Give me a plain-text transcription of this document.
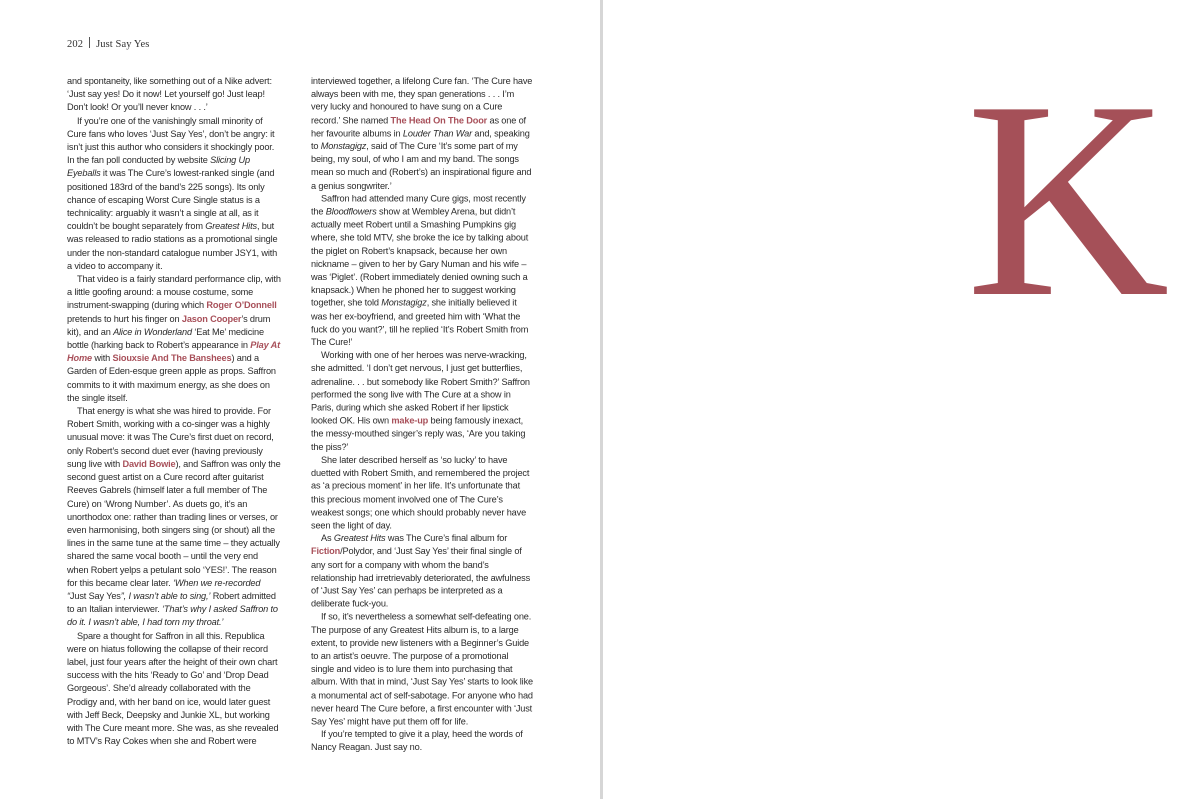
202 Just Say Yes

and spontaneity, like something out of a Nike advert: ‘Just say yes! Do it now! Let yourself go! Just leap! Don’t look! Or you’ll never know . . .’

If you’re one of the vanishingly small minority of Cure fans who loves ‘Just Say Yes’, don’t be angry: it isn’t just this author who considers it shockingly poor. In the fan poll conducted by website Slicing Up Eyeballs it was The Cure’s lowest-ranked single (and positioned 183rd of the band’s 225 songs). Its only chance of escaping Worst Cure Single status is a technicality: arguably it wasn’t a single at all, as it couldn’t be bought separately from Greatest Hits, but was released to radio stations as a promotional single under the non-standard catalogue number JSY1, with a video to accompany it.

That video is a fairly standard performance clip, with a little goofing around: a mouse costume, some instrument-swapping (during which Roger O’Donnell pretends to hurt his finger on Jason Cooper’s drum kit), and an Alice in Wonderland ‘Eat Me’ medicine bottle (harking back to Robert’s appearance in Play At Home with Siouxsie And The Banshees) and a Garden of Eden-esque green apple as props. Saffron commits to it with maximum energy, as she does on the single itself.

That energy is what she was hired to provide. For Robert Smith, working with a co-singer was a highly unusual move: it was The Cure’s first duet on record, only Robert’s second duet ever (having previously sung live with David Bowie), and Saffron was only the second guest artist on a Cure record after guitarist Reeves Gabrels (himself later a full member of The Cure) on ‘Wrong Number’. As duets go, it’s an unorthodox one: rather than trading lines or verses, or even harmonising, both singers sing (or shout) all the lines in the same tune at the same time – they actually shared the same vocal booth – until the very end when Robert yelps a petulant solo ‘YES!’. The reason for this became clear later. ‘When we re-recorded “Just Say Yes”, I wasn’t able to sing,’ Robert admitted to an Italian interviewer. ‘That’s why I asked Saffron to do it. I wasn’t able, I had torn my throat.’

Spare a thought for Saffron in all this. Republica were on hiatus following the collapse of their record label, just four years after the height of their own chart success with the hits ‘Ready to Go’ and ‘Drop Dead Gorgeous’. She’d already collaborated with the Prodigy and, with her band on ice, would later guest with Jeff Beck, Deepsky and Junkie XL, but working with The Cure meant more. She was, as she revealed to MTV’s Ray Cokes when she and Robert were

interviewed together, a lifelong Cure fan. ‘The Cure have always been with me, they span generations . . . I’m very lucky and honoured to have sung on a Cure record.’ She named The Head On The Door as one of her favourite albums in Louder Than War and, speaking to Monstagigz, said of The Cure ‘It’s some part of my being, my soul, of who I am and my band. The songs mean so much and (Robert’s) an inspirational figure and a genius songwriter.’

Saffron had attended many Cure gigs, most recently the Bloodflowers show at Wembley Arena, but didn’t actually meet Robert until a Smashing Pumpkins gig where, she told MTV, she broke the ice by talking about the piglet on Robert’s knapsack, because her own nickname – given to her by Gary Numan and his wife – was ‘Piglet’. (Robert immediately denied owning such a knapsack.) When he phoned her to suggest working together, she told Monstagigz, she initially believed it was her ex-boyfriend, and greeted him with ‘What the fuck do you want?’, till he replied ‘It’s Robert Smith from The Cure!’

Working with one of her heroes was nerve-wracking, she admitted. ‘I don’t get nervous, I just get butterflies, adrenaline. . . but somebody like Robert Smith?’ Saffron performed the song live with The Cure at a show in Paris, during which she asked Robert if her lipstick looked OK. His own make-up being famously inexact, the messy-mouthed singer’s reply was, ‘Are you taking the piss?’

She later described herself as ‘so lucky’ to have duetted with Robert Smith, and remembered the project as ‘a precious moment’ in her life. It’s unfortunate that this precious moment involved one of The Cure’s weakest songs; one which should probably never have seen the light of day.

As Greatest Hits was The Cure’s final album for Fiction/Polydor, and ‘Just Say Yes’ their final single of any sort for a company with whom the band’s relationship had irretrievably deteriorated, the awfulness of ‘Just Say Yes’ can perhaps be interpreted as a deliberate fuck-you.

If so, it’s nevertheless a somewhat self-defeating one. The purpose of any Greatest Hits album is, to a large extent, to provide new listeners with a Beginner’s Guide to an artist’s oeuvre. The purpose of a promotional single and video is to lure them into purchasing that album. With that in mind, ‘Just Say Yes’ starts to look like a monumental act of self-sabotage. For anyone who had never heard The Cure before, a first encounter with ‘Just Say Yes’ might have put them off for life.

If you’re tempted to give it a play, heed the words of Nancy Reagan. Just say no.

K
